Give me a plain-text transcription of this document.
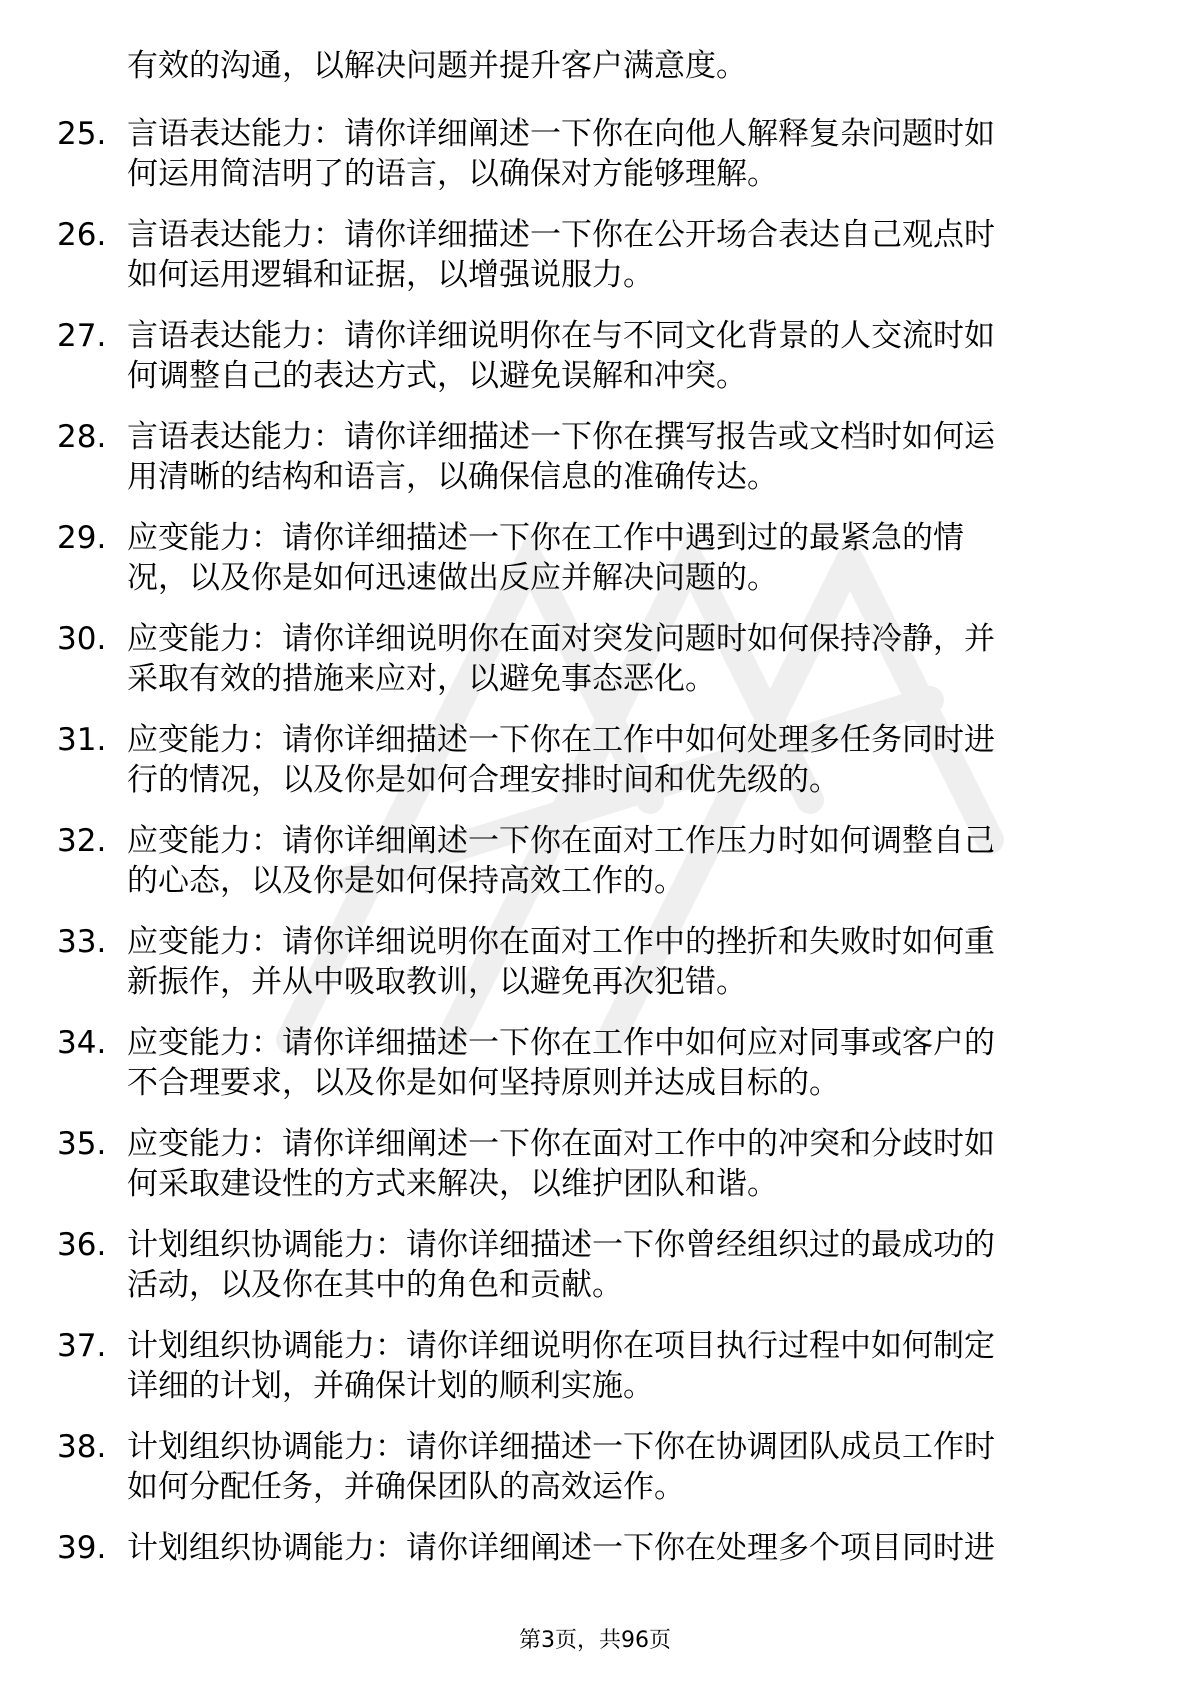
有效的沟通，以解决问题并提升客户满意度。
25. 言语表达能力：请你详细阐述一下你在向他人解释复杂问题时如
何运用简洁明了的语言，以确保对方能够理解。
26. 言语表达能力：请你详细描述一下你在公开场合表达自己观点时
如何运用逻辑和证据，以增强说服力。
27. 言语表达能力：请你详细说明你在与不同文化背景的人交流时如
何调整自己的表达方式，以避免误解和冲突。
28. 言语表达能力：请你详细描述一下你在撰写报告或文档时如何运
用清晰的结构和语言，以确保信息的准确传达。
29. 应变能力：请你详细描述一下你在工作中遇到过的最紧急的情
况，以及你是如何迅速做出反应并解决问题的。
30. 应变能力：请你详细说明你在面对突发问题时如何保持冷静，并
采取有效的措施来应对，以避免事态恶化。
31. 应变能力：请你详细描述一下你在工作中如何处理多任务同时进
行的情况，以及你是如何合理安排时间和优先级的。
32. 应变能力：请你详细阐述一下你在面对工作压力时如何调整自己
的心态，以及你是如何保持高效工作的。
33. 应变能力：请你详细说明你在面对工作中的挫折和失败时如何重
新振作，并从中吸取教训，以避免再次犯错。
34. 应变能力：请你详细描述一下你在工作中如何应对同事或客户的
不合理要求，以及你是如何坚持原则并达成目标的。
35. 应变能力：请你详细阐述一下你在面对工作中的冲突和分歧时如
何采取建设性的方式来解决，以维护团队和谐。
36. 计划组织协调能力：请你详细描述一下你曾经组织过的最成功的
活动，以及你在其中的角色和贡献。
37. 计划组织协调能力：请你详细说明你在项目执行过程中如何制定
详细的计划，并确保计划的顺利实施。
38. 计划组织协调能力：请你详细描述一下你在协调团队成员工作时
如何分配任务，并确保团队的高效运作。
39. 计划组织协调能力：请你详细阐述一下你在处理多个项目同时进
第3页，共96页
